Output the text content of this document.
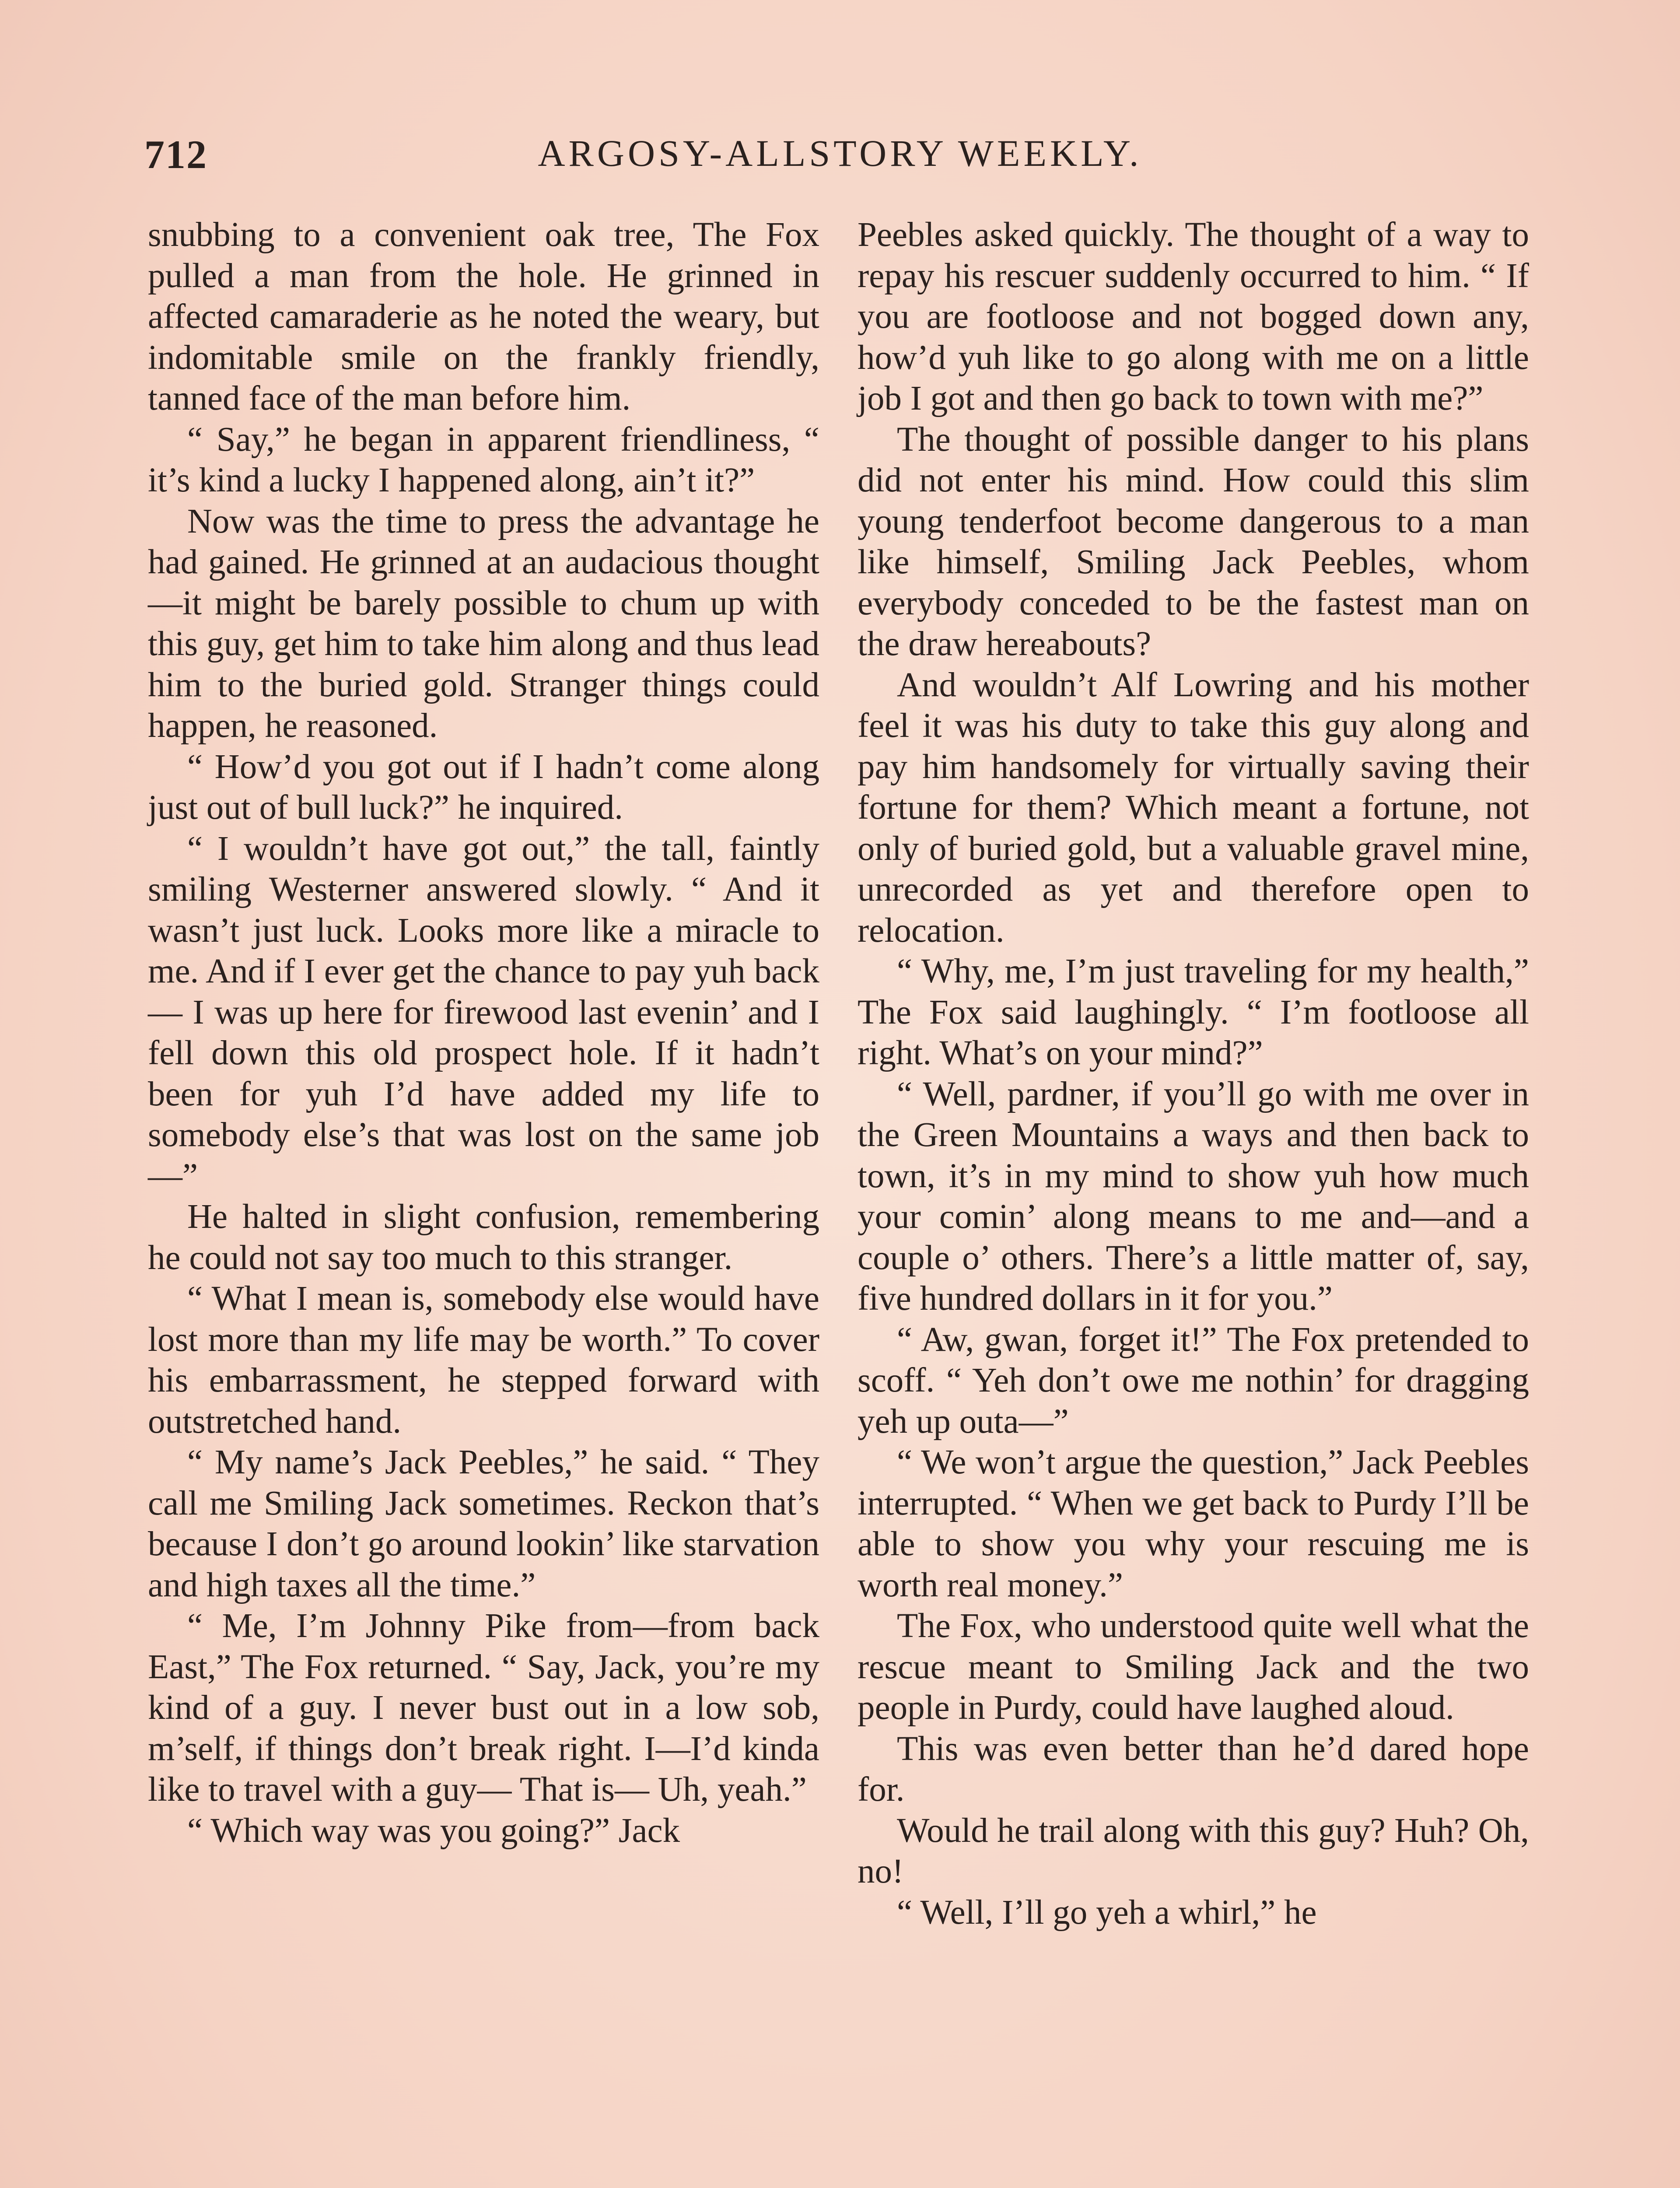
712	ARGOSY-ALLSTORY WEEKLY.

snubbing to a convenient oak tree, The Fox pulled a man from the hole. He grinned in affected camaraderie as he noted the weary, but indomitable smile on the frankly friendly, tanned face of the man before him.

“ Say,” he began in apparent friendliness, “ it’s kind a lucky I happened along, ain’t it?”

Now was the time to press the advantage he had gained. He grinned at an audacious thought—it might be barely possible to chum up with this guy, get him to take him along and thus lead him to the buried gold. Stranger things could happen, he reasoned.

“ How’d you got out if I hadn’t come along just out of bull luck?” he inquired.

“ I wouldn’t have got out,” the tall, faintly smiling Westerner answered slowly. “ And it wasn’t just luck. Looks more like a miracle to me. And if I ever get the chance to pay yuh back— I was up here for firewood last evenin’ and I fell down this old prospect hole. If it hadn’t been for yuh I’d have added my life to somebody else’s that was lost on the same job—”

He halted in slight confusion, remembering he could not say too much to this stranger.

“ What I mean is, somebody else would have lost more than my life may be worth.” To cover his embarrassment, he stepped forward with outstretched hand.

“ My name’s Jack Peebles,” he said. “ They call me Smiling Jack sometimes. Reckon that’s because I don’t go around lookin’ like starvation and high taxes all the time.”

“ Me, I’m Johnny Pike from—from back East,” The Fox returned. “ Say, Jack, you’re my kind of a guy. I never bust out in a low sob, m’self, if things don’t break right. I—I’d kinda like to travel with a guy— That is— Uh, yeah.”

“ Which way was you going?” Jack

Peebles asked quickly. The thought of a way to repay his rescuer suddenly occurred to him. “ If you are footloose and not bogged down any, how’d yuh like to go along with me on a little job I got and then go back to town with me?”

The thought of possible danger to his plans did not enter his mind. How could this slim young tenderfoot become dangerous to a man like himself, Smiling Jack Peebles, whom everybody conceded to be the fastest man on the draw hereabouts?

And wouldn’t Alf Lowring and his mother feel it was his duty to take this guy along and pay him handsomely for virtually saving their fortune for them? Which meant a fortune, not only of buried gold, but a valuable gravel mine, unrecorded as yet and therefore open to relocation.

“ Why, me, I’m just traveling for my health,” The Fox said laughingly. “ I’m footloose all right. What’s on your mind?”

“ Well, pardner, if you’ll go with me over in the Green Mountains a ways and then back to town, it’s in my mind to show yuh how much your comin’ along means to me and—and a couple o’ others. There’s a little matter of, say, five hundred dollars in it for you.”

“ Aw, gwan, forget it!” The Fox pretended to scoff. “ Yeh don’t owe me nothin’ for dragging yeh up outa—”

“ We won’t argue the question,” Jack Peebles interrupted. “ When we get back to Purdy I’ll be able to show you why your rescuing me is worth real money.”

The Fox, who understood quite well what the rescue meant to Smiling Jack and the two people in Purdy, could have laughed aloud.

This was even better than he’d dared hope for.

Would he trail along with this guy? Huh? Oh, no!

“ Well, I’ll go yeh a whirl,” he
